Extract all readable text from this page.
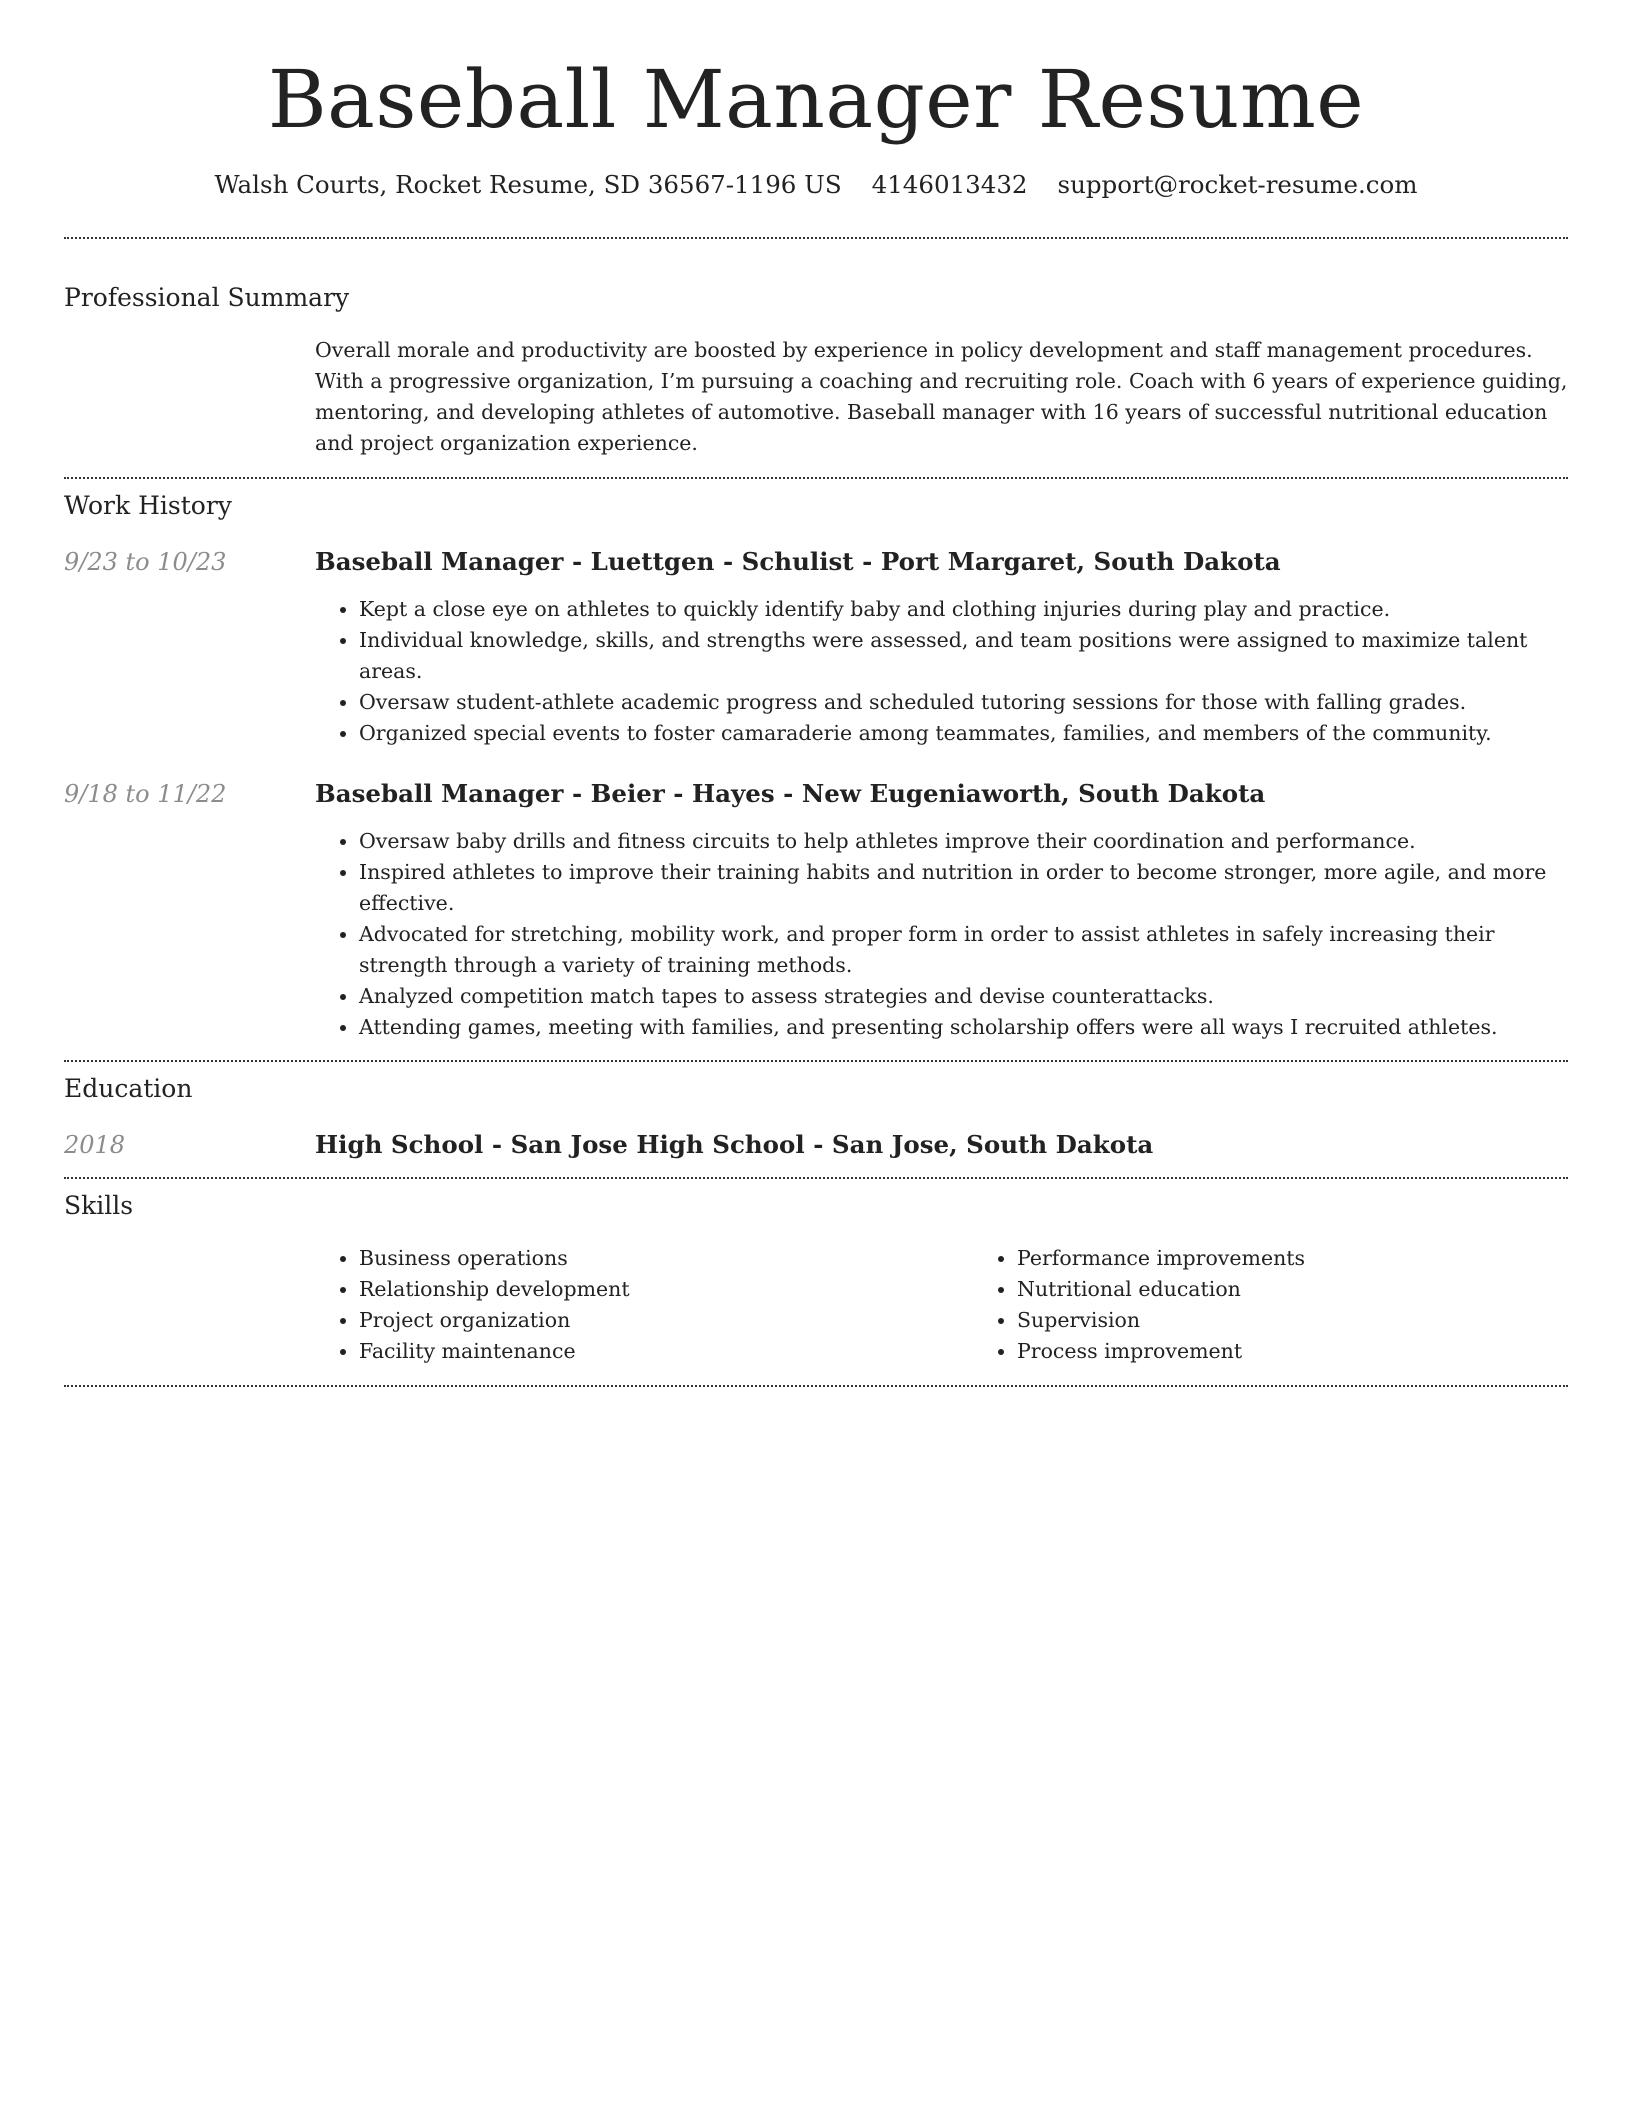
Baseball Manager Resume
Walsh Courts, Rocket Resume, SD 36567-1196 US 4146013432 support@rocket-resume.com
Professional Summary

Overall morale and productivity are boosted by experience in policy development and staff management procedures. With a progressive organization, I’m pursuing a coaching and recruiting role. Coach with 6 years of experience guiding, mentoring, and developing athletes of automotive. Baseball manager with 16 years of successful nutritional education and project organization experience.

Work History
9/23 to 10/23	Baseball Manager - Luettgen - Schulist - Port Margaret, South Dakota
• Kept a close eye on athletes to quickly identify baby and clothing injuries during play and practice.
• Individual knowledge, skills, and strengths were assessed, and team positions were assigned to maximize talent areas.
• Oversaw student-athlete academic progress and scheduled tutoring sessions for those with falling grades.
• Organized special events to foster camaraderie among teammates, families, and members of the community.
9/18 to 11/22	Baseball Manager - Beier - Hayes - New Eugeniaworth, South Dakota
• Oversaw baby drills and fitness circuits to help athletes improve their coordination and performance.
• Inspired athletes to improve their training habits and nutrition in order to become stronger, more agile, and more effective.
• Advocated for stretching, mobility work, and proper form in order to assist athletes in safely increasing their strength through a variety of training methods.
• Analyzed competition match tapes to assess strategies and devise counterattacks.
• Attending games, meeting with families, and presenting scholarship offers were all ways I recruited athletes.
Education
2018	High School - San Jose High School - San Jose, South Dakota
Skills
• Business operations
• Relationship development
• Project organization
• Facility maintenance
• Performance improvements
• Nutritional education
• Supervision
• Process improvement
